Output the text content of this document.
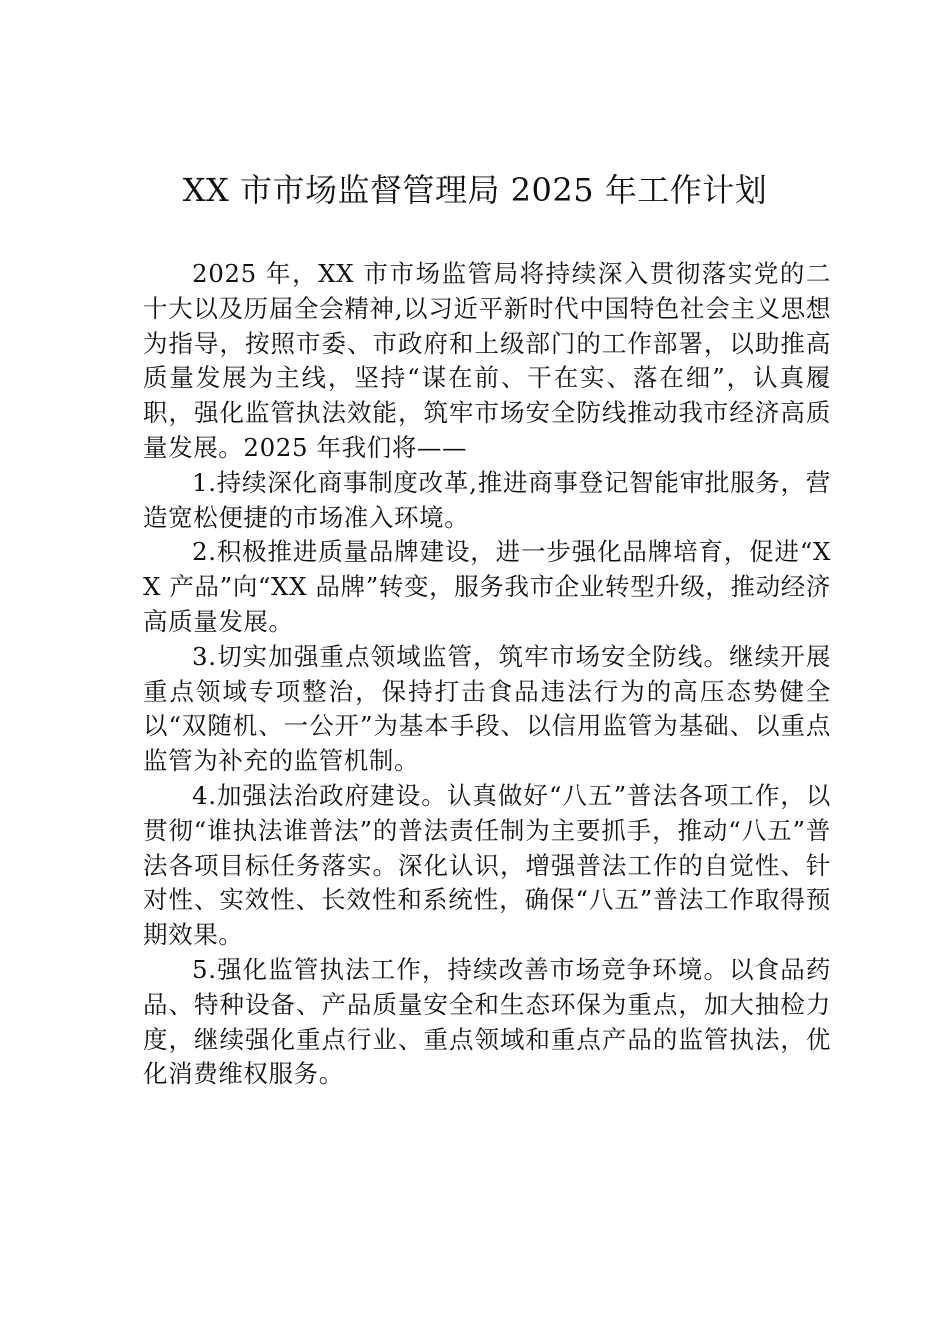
XX 市市场监督管理局 2025 年工作计划

2025 年，XX 市市场监管局将持续深入贯彻落实党的二十大以及历届全会精神,以习近平新时代中国特色社会主义思想为指导，按照市委、市政府和上级部门的工作部署，以助推高质量发展为主线，坚持“谋在前、干在实、落在细”，认真履职，强化监管执法效能，筑牢市场安全防线推动我市经济高质量发展。2025 年我们将——

1.持续深化商事制度改革,推进商事登记智能审批服务，营造宽松便捷的市场准入环境。

2.积极推进质量品牌建设，进一步强化品牌培育，促进“XX 产品”向“XX 品牌”转变，服务我市企业转型升级，推动经济高质量发展。

3.切实加强重点领域监管，筑牢市场安全防线。继续开展重点领域专项整治，保持打击食品违法行为的高压态势健全以“双随机、一公开”为基本手段、以信用监管为基础、以重点监管为补充的监管机制。

4.加强法治政府建设。认真做好“八五”普法各项工作，以贯彻“谁执法谁普法”的普法责任制为主要抓手，推动“八五”普法各项目标任务落实。深化认识，增强普法工作的自觉性、针对性、实效性、长效性和系统性，确保“八五”普法工作取得预期效果。

5.强化监管执法工作，持续改善市场竞争环境。以食品药品、特种设备、产品质量安全和生态环保为重点，加大抽检力度，继续强化重点行业、重点领域和重点产品的监管执法，优化消费维权服务。
